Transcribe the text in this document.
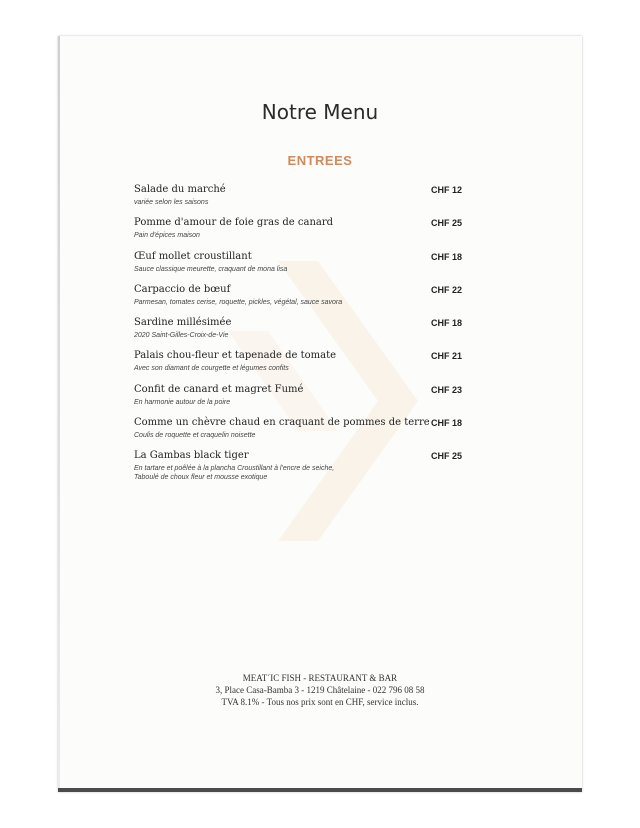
Notre Menu
ENTREES
Salade du marché
variée selon les saisons
CHF 12
Pomme d'amour de foie gras de canard
Pain d'épices maison
CHF 25
Œuf mollet croustillant
Sauce classique meurette, craquant de mona lisa
CHF 18
Carpaccio de bœuf
Parmesan, tomates cerise, roquette, pickles, végétal, sauce savora
CHF 22
Sardine millésimée
2020 Saint-Gilles-Croix-de-Vie
CHF 18
Palais chou-fleur et tapenade de tomate
Avec son diamant de courgette et légumes confits
CHF 21
Confit de canard et magret Fumé
En harmonie autour de la poire
CHF 23
Comme un chèvre chaud en craquant de pommes de terre
Coulis de roquette et craquelin noisette
CHF 18
La Gambas black tiger
En tartare et poêlée à la plancha Croustillant à l'encre de seiche,
Taboulé de choux fleur et mousse exotique
CHF 25
MEAT´IC FISH - RESTAURANT & BAR
3, Place Casa-Bamba 3 - 1219 Châtelaine - 022 796 08 58
TVA 8.1% - Tous nos prix sont en CHF, service inclus.
